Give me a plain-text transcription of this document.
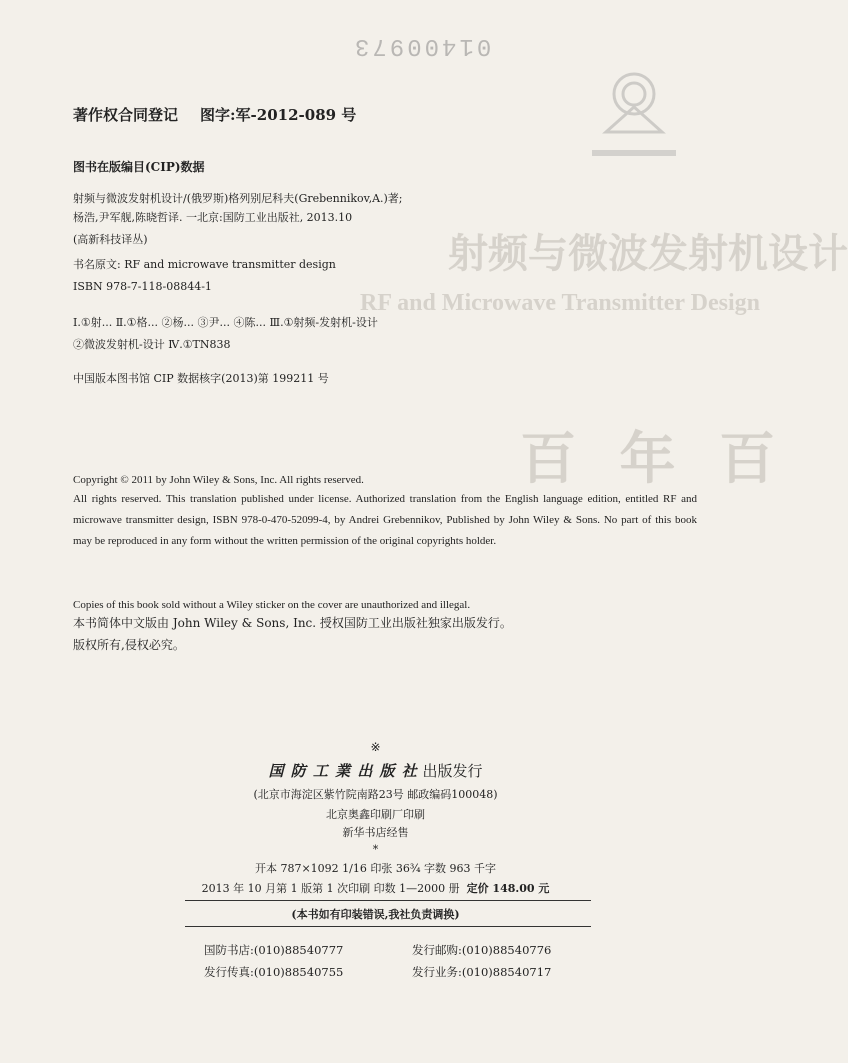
01400973
著作权合同登记 图字:军-2012-089 号
图书在版编目(CIP)数据
射频与微波发射机设计
RF and Microwave Transmitter Design
百 年 百
射频与微波发射机设计/(俄罗斯)格列别尼科夫(Grebennikov,A.)著;
杨浩,尹军舰,陈晓哲译. 一北京:国防工业出版社, 2013.10
(高新科技译丛)
书名原文: RF and microwave transmitter design
ISBN 978-7-118-08844-1
Ⅰ.①射... Ⅱ.①格... ②杨... ③尹... ④陈... Ⅲ.①射频-发射机-设计
②微波发射机-设计 Ⅳ.①TN838
中国版本图书馆 CIP 数据核字(2013)第 199211 号
Copyright © 2011 by John Wiley & Sons, Inc. All rights reserved.
All rights reserved. This translation published under license. Authorized translation from the English language edition, entitled RF and microwave transmitter design, ISBN 978-0-470-52099-4, by Andrei Grebennikov, Published by John Wiley & Sons. No part of this book may be reproduced in any form without the written permission of the original copyrights holder.
Copies of this book sold without a Wiley sticker on the cover are unauthorized and illegal.
本书简体中文版由 John Wiley & Sons, Inc. 授权国防工业出版社独家出版发行。
版权所有,侵权必究。
※
国 防 工 業 出 版 社 出版发行
(北京市海淀区紫竹院南路23号 邮政编码100048)
北京奥鑫印刷厂印刷
新华书店经售
*
开本 787×1092 1/16 印张 36¾ 字数 963 千字
2013 年 10 月第 1 版第 1 次印刷 印数 1—2000 册 定价 148.00 元
(本书如有印装错误,我社负责调换)
国防书店:(010)88540777
发行传真:(010)88540755
发行邮购:(010)88540776
发行业务:(010)88540717
